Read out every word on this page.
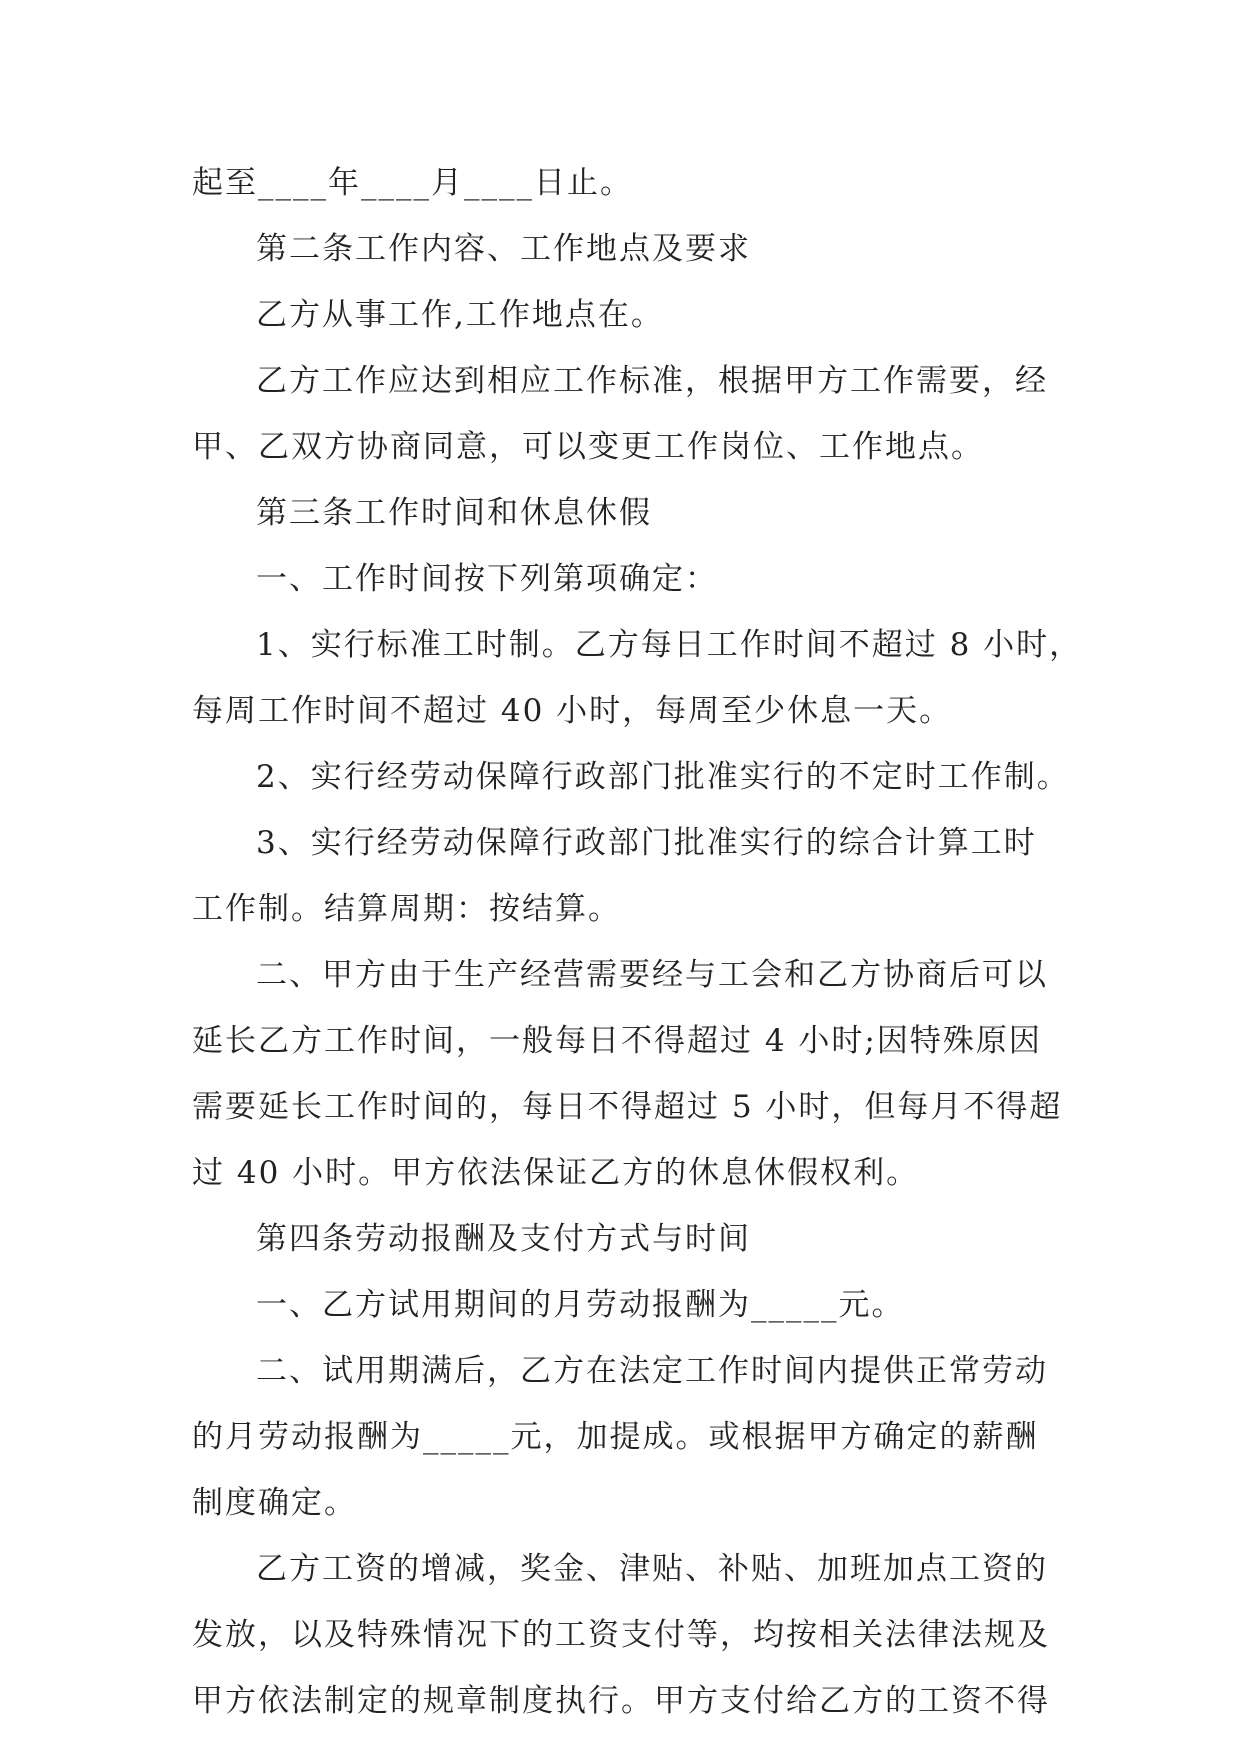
起至____年____月____日止。

第二条工作内容、工作地点及要求

乙方从事工作,工作地点在。

乙方工作应达到相应工作标准，根据甲方工作需要，经

甲、乙双方协商同意，可以变更工作岗位、工作地点。

第三条工作时间和休息休假

一、工作时间按下列第项确定：

1、实行标准工时制。乙方每日工作时间不超过 8 小时，

每周工作时间不超过 40 小时，每周至少休息一天。

2、实行经劳动保障行政部门批准实行的不定时工作制。

3、实行经劳动保障行政部门批准实行的综合计算工时

工作制。结算周期：按结算。

二、甲方由于生产经营需要经与工会和乙方协商后可以

延长乙方工作时间，一般每日不得超过 4 小时;因特殊原因

需要延长工作时间的，每日不得超过 5 小时，但每月不得超

过 40 小时。甲方依法保证乙方的休息休假权利。

第四条劳动报酬及支付方式与时间

一、乙方试用期间的月劳动报酬为_____元。

二、试用期满后，乙方在法定工作时间内提供正常劳动

的月劳动报酬为_____元，加提成。或根据甲方确定的薪酬

制度确定。

乙方工资的增减，奖金、津贴、补贴、加班加点工资的

发放，以及特殊情况下的工资支付等，均按相关法律法规及

甲方依法制定的规章制度执行。甲方支付给乙方的工资不得
